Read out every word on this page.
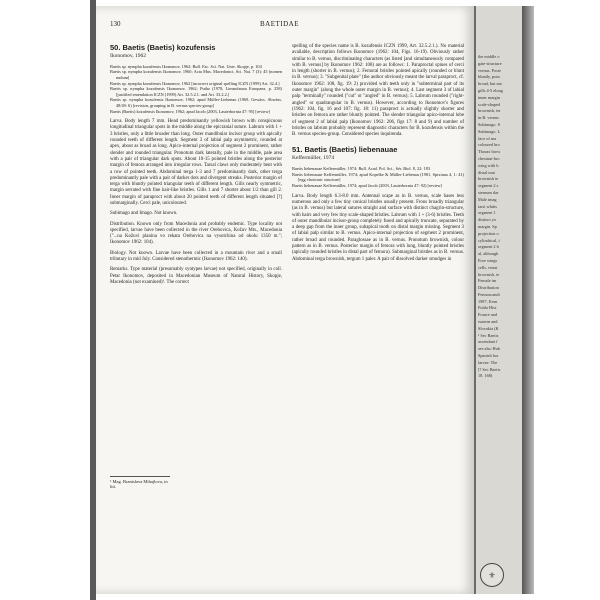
130	BAETIDAE
50. Baetis (Baetis) kozufensis
Ikonomov, 1962

Baetis sp. nympha kozufensis Ikonomov, 1962: Bull. Fac. Sci. Nat. Univ. Skopje, p. 104

Baetis sp. nympha kozufensis Ikonomov, 1960; Acta Mus. Macedonici, Sci. Nat. 7 (3): 45 [nomen nudum]

Baetis sp. nympha kozufensis Ikonomov, 1962 [incorrect original spelling ICZN (1999) Art. 32.4.]

Baetis sp. nympha kozufensis Ikonomov, 1962; Puthz (1978, Limnofauna Europaea, p. 258) [justified emendation ICZN (1999) Art. 32.5.2.1. and Art. 33.2.2.]

Baetis sp. nympha kozufensis Ikonomov, 1962; apud Müller-Liebenau (1969, Gewäss. Abwäss. 48/49: 6) [revision, grouping in B. vernus species-group]

Baetis (Baetis) kozufensis Ikonomov, 1962; apud Jacob (2003, Lauterbornia 47: 95) [review]

Larva. Body length 7 mm. Head predominantly yellowish brown with conspicuous longitudinal triangular spots in the middle along the epicranial suture. Labrum with 1 + 3 bristles, only a little broader than long. Outer mandibular incisor group with apically rounded teeth of different length. Segment 3 of labial palp asymmetric, rounded at apex, about as broad as long. Apico-internal projection of segment 2 prominent, rather slender and rounded triangular. Pronotum dark laterally, pale in the middle, pale area with a pair of triangular dark spots. About 10-15 pointed bristles along the posterior margin of femora arranged into irregular rows. Tarsal claws only moderately bent with a row of pointed teeth. Abdominal terga 1-3 and 7 predominantly dark, other terga predominantly pale with a pair of darker dots and divergent streaks. Posterior margin of terga with bluntly pointed triangular teeth of different length. Gills nearly symmetric, margin serrated with fine hair-like bristles. Gills 1 and 7 shorter about 1/2 than gill 2. Inner margin of paraproct with about 20 pointed teeth of different length situated [?] submarginally. Cerci pale, unicoloured.

Subimago and Imago. Not known.

Distribution. Known only from Macedonia and probably endemic. Type locality not specified, larvae have been collected in the river Orehovica, Kožuv Mts., Macedonia ("...na Kožuvi planina vo rekata Orehovica na vysotchina od okolu 1350 m."; Ikonomov 1962: 104).

Biology. Not known. Larvae have been collected in a mountain river and a small tributary in mid July. Considered stenothermic (Ikonomov 1962: 140).

Remarks. Type material (presumably syntypes larvae) not specified, originally in coll. Petar Ikonomov, deposited in Macedonian Museum of Natural History, Skopje, Macedonia (not examined)¹. The correct

¹ Mag. Branislava Mihajlova, in litt.

spelling of the species name is B. kozufensis ICZN 1999, Art. 32.5.2.1.). No material available, description follows Ikonomov (1962: 104, Figs. 16-19). Obviously rather similar to B. vernus, discriminating characters (as listed [and simultaneously compared with B. vernus] by Ikonomov 1962: 108) are as follows: 1. Paraproctal spines of cerci in length (shorter in B. vernus); 2. Femoral bristles pointed apically (rounded or blunt in B. vernus); 3. "Subgenital plate" (the author obviously meant the larval paraproct, cf. Ikonomov 1962: 108, fig. 19: 2) provided with teeth only in "subterminal part of its outer margin" (along the whole outer margin in B. vernus); 4. Last segment 3 of labial palp "terminally" rounded ("cut" or "angled" in B. vernus); 5. Labrum rounded ("right-angled" or quadrangular in B. vernus). However, according to Ikonomov's figures (1962: 104, fig. 16 and 107: fig. 18: 11) paraproct is actually slightly shorter and bristles on femora are rather bluntly pointed. The slender triangular apico-internal lobe of segment 2 of labial palp (Ikonomov 1962: 206, figs 17: 8 and 9) and number of bristles on labrum probably represent diagnostic characters for B. kozufensis within the B. vernus species-group. Considered species inquirenda.

51. Baetis (Baetis) liebenauae
Keffermüller, 1974

Baetis liebenauae Keffermüller, 1974: Bull. Acad. Pol. Sci., Sér. Biol. 8, 22: 183

Baetis liebenauae Keffermüller, 1974; apud Kopelke & Müller-Liebenau (1981, Spixiana 4, 1: 41) [egg chorionic structure]

Baetis liebenauae Keffermüller, 1974; apud Jacob (2003, Lauterbornia 47: 92) [review]

Larva. Body length 6.3-8.0 mm. Antennal scape as in B. vernus, scale bases less numerous and only a few tiny conical bristles usually present. Frons broadly triangular (as in B. vernus) but lateral sutures straight and surface with distinct chagrin-structure, with hairs and very few tiny scale-shaped bristles. Labrum with 1 + (3-6) bristles. Teeth of outer mandibular incisor-group completely fused and apically truncate, separated by a deep gap from the inner group, subapical tooth on distal margin missing. Segment 3 of labial palp similar to B. vernus. Apico-internal projection of segment 2 prominent, rather broad and rounded. Paraglossae as in B. vernus. Pronotum brownish, colour pattern as in B. vernus. Posterior margin of femora with long, bluntly pointed bristles (apically rounded bristles in distal part of femora). Submarginal bristles as in B. vernus. Abdominal terga brownish, tergum 1 paler. A pair of dissolved darker smudges in

the middle o
gate-structure
vernus. Poste
bluntly, poin
broad, but mo
gills 4-5 elong
inner margin
scale-shaped
brownish, ter
in B. vernus
Subimago. S
Subimago. L
face of ma
coloured bro
Thorax brow
chestnut-bro
wing with b
distal mar
brownish te
segment 2 s
sternum dar
Male imag
tarsi whitis
segment 1
distinct yo
margin. Sp
projection o
cylindrical, i
segment 2 b
al, although
Fore wings
cells, venat
brownish, te
Female im
Distribution
Fennoscandi
1987, Kern
Fulda Hist.
France and
eastern and
Slovakia (K
¹ Sec Baetis
ascendant f
see also Hub
Spanish hor
larvae. The
[? Sec Baetis
18. 168)
⚜
